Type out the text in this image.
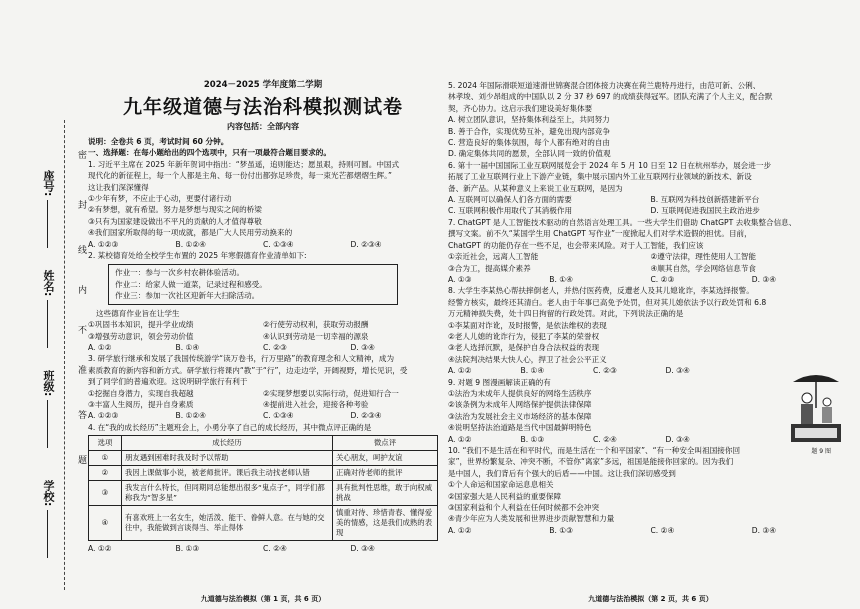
学校:
班级:
姓名:
座号:
密
封
线
内
不
准
答
题
2024－2025 学年度第二学期
九年级道德与法治科模拟测试卷
内容包括：全部内容
说明：全卷共 6 页，考试时间 60 分钟。
一、选择题：在每小题给出的四个选项中，只有一项最符合题目要求的。
1. 习近平主席在 2025 年新年贺词中指出：“梦虽遥，追则能达；愿虽艰，持则可圆。中国式
现代化的新征程上，每一个人都是主角、每一份付出都弥足珍贵，每一束光芒都熠熠生辉。”
这让我们深深懂得
①少年有梦，不应止于心动，更要付诸行动
②有梦想，就有希望。努力是梦想与现实之间的桥梁
③只有为国家建设做出不平凡的贡献的人才值得尊敬
④我们国家所取得的每一项成就，都是广大人民用劳动换来的
A. ①②③	B. ①②④	C. ①③④	D. ②③④
2. 某校德育处给全校学生布置的 2025 年寒假德育作业清单如下:
作业一：参与一次乡村农耕体验活动。
作业二：给家人做一道菜，记录过程和感受。
作业三：参加一次社区迎新年大扫除活动。
这些德育作业旨在让学生
①巩固书本知识，提升学业成绩	②行使劳动权利，获取劳动报酬
③增强劳动意识，领会劳动价值	④认识到劳动是一切幸福的源泉
A. ①②	B. ①④	C. ②③	D. ③④
3. 研学旅行继承和发展了我国传统游学“读万卷书，行万里路”的教育理念和人文精神，成为
素质教育的新内容和新方式。研学旅行将课内“教”于“行”，边走边学，开阔视野，增长见识，受
到了同学们的普遍欢迎。这说明研学旅行有利于
①挖掘自身潜力，实现自我超越	②实现梦想要以实际行动，促进知行合一
③丰富人生阅历，提升自身素质	④提前进入社会，迎接各种考验
A. ①②③	B. ①②④	C. ①③④	D. ②③④
4. 在“我的成长经历”主题班会上，小勇分享了自己的成长经历，其中微点评正确的是
选项	成长经历	微点评
①	朋友遇到困难时我及时予以帮助	关心朋友，呵护友谊
②	我因上课做事小说，被老师批评。课后我主动找老师认错	正确对待老师的批评
③	我发言什么特长，但同期同总能想出很多“鬼点子”，同学们都称我为“智多星”	具有批判性思维，敢于向权威挑战
④	有喜欢班上一名女生，她活泼、能干、眷鲜人意。在与她的交往中，我能做到言谈得当、举止得体	慎重对待、珍惜青春、懂得爱美的情感，这是我们成熟的表现
A. ①②	B. ①③	C. ②④	D. ③④
九道德与法治模拟（第 1 页，共 6 页）
5. 2024 年国际滑联短道速滑世锦赛混合团体接力决赛在荷兰鹿特丹进行，由范可新、公俐、
林孝埈、刘少昂组成的中国队以 2 分 37 秒 697 的成绩获得冠军。团队充满了个人主义，配合默
契，齐心协力。这启示我们建设美好集体要
A. 树立团队意识，坚持集体利益至上，共同努力
B. 善于合作，实现优势互补，避免出现内部竞争
C. 营造良好的集体氛围，每个人都有绝对的自由
D. 确定集体共同的愿景，全部认同一致的价值观
6. 第十一届中国国际工业互联网展览会于 2024 年 5 月 10 日至 12 日在杭州举办，展会进一步
拓展了工业互联网行业上下游产业链，集中展示国内外工业互联网行业领域的新技术、新设
备、新产品。从某种意义上来说工业互联网，是因为
A. 互联网可以确保人们各方面的需要	B. 互联网为科技创新搭建新平台
C. 互联网积极作用取代了其消极作用	D. 互联网促进我国民主政治进步
7. ChatGPT 是人工智能技术驱动的自然语言处理工具。一些大学生们借助 ChatGPT 去收集整合信息、
撰写文案。前不久“某国学生用 ChatGPT 写作业”一度掀起人们对学术造假的担忧。目前，
ChatGPT 的功能仍存在一些不足，也会带来风险。对于人工智能，我们应该
①亲近社会，远离人工智能	②遵守法律，理性使用人工智能
③合为工，提高媒介素养	④顺其自然，学会网络信息节食
A. ①③	B. ①④	C. ②③	D. ③④
8. 大学生李某热心帮扶摔倒老人，并热付医药费，反遭老人及其儿媳讹诈，李某选择报警。
经警方核实，最终还其清白。老人由于年事已高免予处罚，但对其儿媳依法予以行政处罚和 6.8
万元精神损失费，处十四日拘留的行政处罚。对此，下列说法正确的是
①李某面对诈讹，及时报警，是依法维权的表现
②老人儿媳的讹诈行为，侵犯了李某的荣誉权
③老人选择沉默，是保护自身合法权益的表现
④法院判决结果大快人心，捍卫了社会公平正义
A. ①②	B. ①④	C. ②③	D. ③④
9. 对题 9 图漫画解读正确的有
①法治为未成年人提供良好的网络生活秩序
②该条例为未成年人网络保护提供法律保障
③法治为发展社会主义市场经济的基本保障
④说明坚持法治道路是当代中国最鲜明特色
A. ①②	B. ①③	C. ②④	D. ③④
10. “我们不是生活在和平时代，而是生活在一个和平国家”、“有一种安全叫祖国接你回
家”，世界纷繁复杂、冲突不断，不管你“离家”多远，祖国是能接你回家的。因为我们
是中国人，我们背后有个强大的后盾——中国。这让我们深切感受到
①个人命运和国家命运息息相关
②国家强大是人民利益的重要保障
③国家利益和个人利益在任何时候都不会冲突
④青少年应为人类发展和世界进步贡献智慧和力量
A. ①②	B. ①③	C. ②④	D. ③④
题 9 图
九道德与法治模拟（第 2 页，共 6 页）
